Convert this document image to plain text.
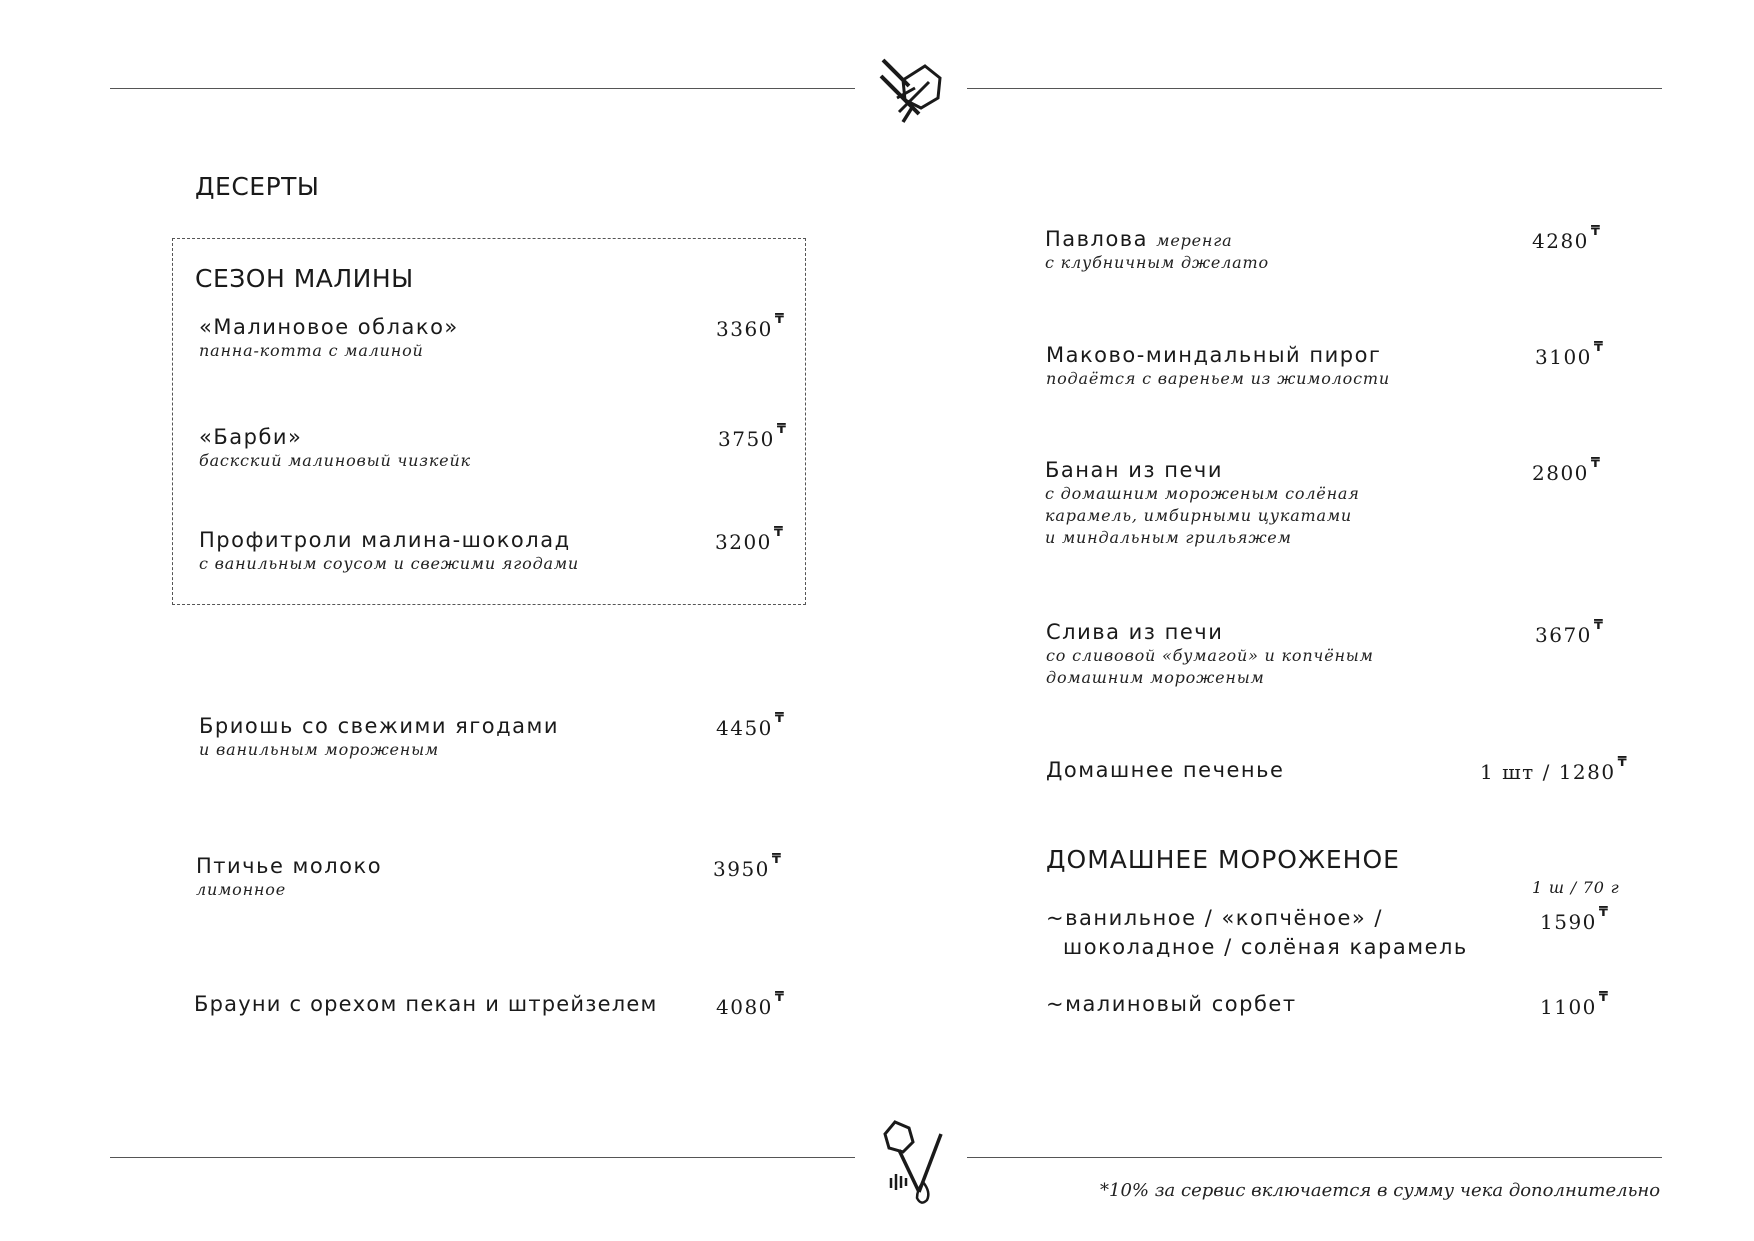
ДЕСЕРТЫ
СЕЗОН МАЛИНЫ
«Малиновое облако»
панна-котта с малиной
3360 ₸
«Барби»
баскский малиновый чизкейк
3750 ₸
Профитроли малина-шоколад
с ванильным соусом и свежими ягодами
3200 ₸
Бриошь со свежими ягодами
и ванильным мороженым
4450 ₸
Птичье молоко
лимонное
3950 ₸
Брауни с орехом пекан и штрейзелем	4080 ₸
Павлова меренга
с клубничным джелато
4280 ₸
Маково-миндальный пирог
подаётся с вареньем из жимолости
3100 ₸
Банан из печи
с домашним мороженым солёная
карамель, имбирными цукатами
и миндальным грильяжем
2800 ₸
Слива из печи
со сливовой «бумагой» и копчёным
домашним мороженым
3670 ₸
Домашнее печенье	1 шт / 1280 ₸
ДОМАШНЕЕ МОРОЖЕНОЕ
1 ш / 70 г
~ванильное / «копчёное» /
шоколадное / солёная карамель
1590 ₸
~малиновый сорбет	1100 ₸
*10% за сервис включается в сумму чека дополнительно
